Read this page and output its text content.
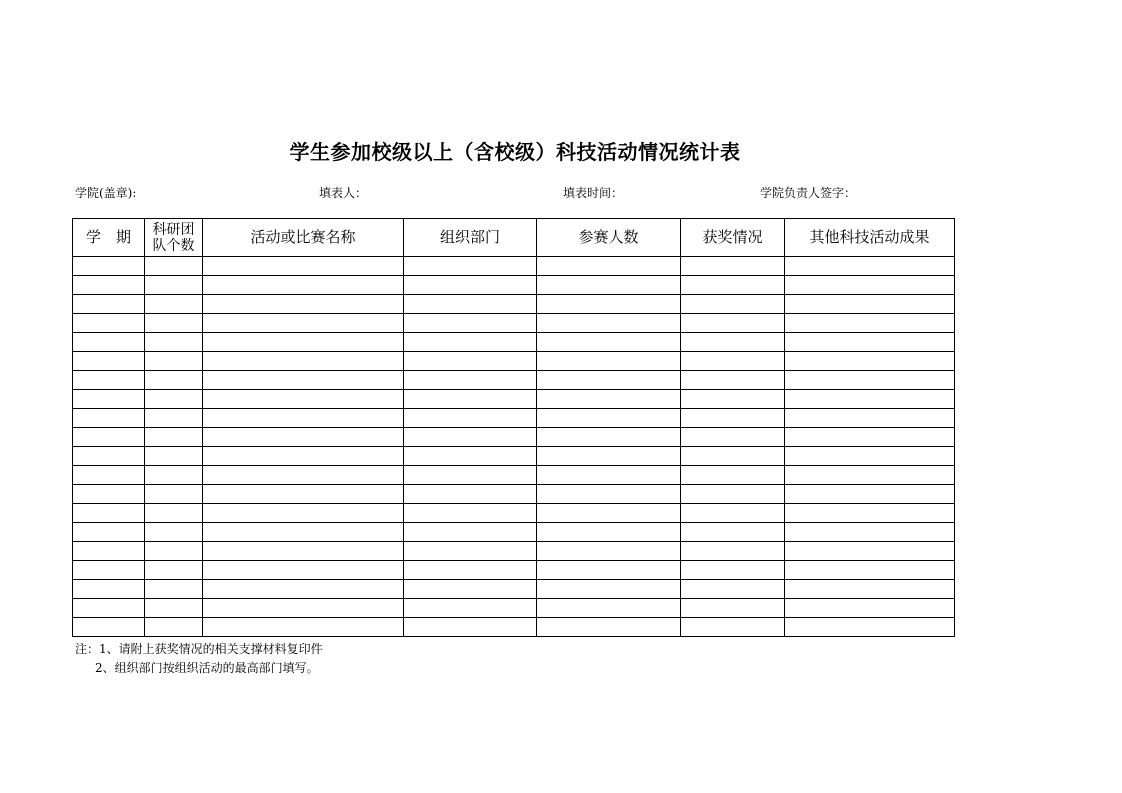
学生参加校级以上（含校级）科技活动情况统计表
学院(盖章):	填表人：	填表时间：	学院负责人签字：
学　期	科研团队个数	活动或比赛名称	组织部门	参赛人数	获奖情况	其他科技活动成果

注：1、请附上获奖情况的相关支撑材料复印件
2、组织部门按组织活动的最高部门填写。
